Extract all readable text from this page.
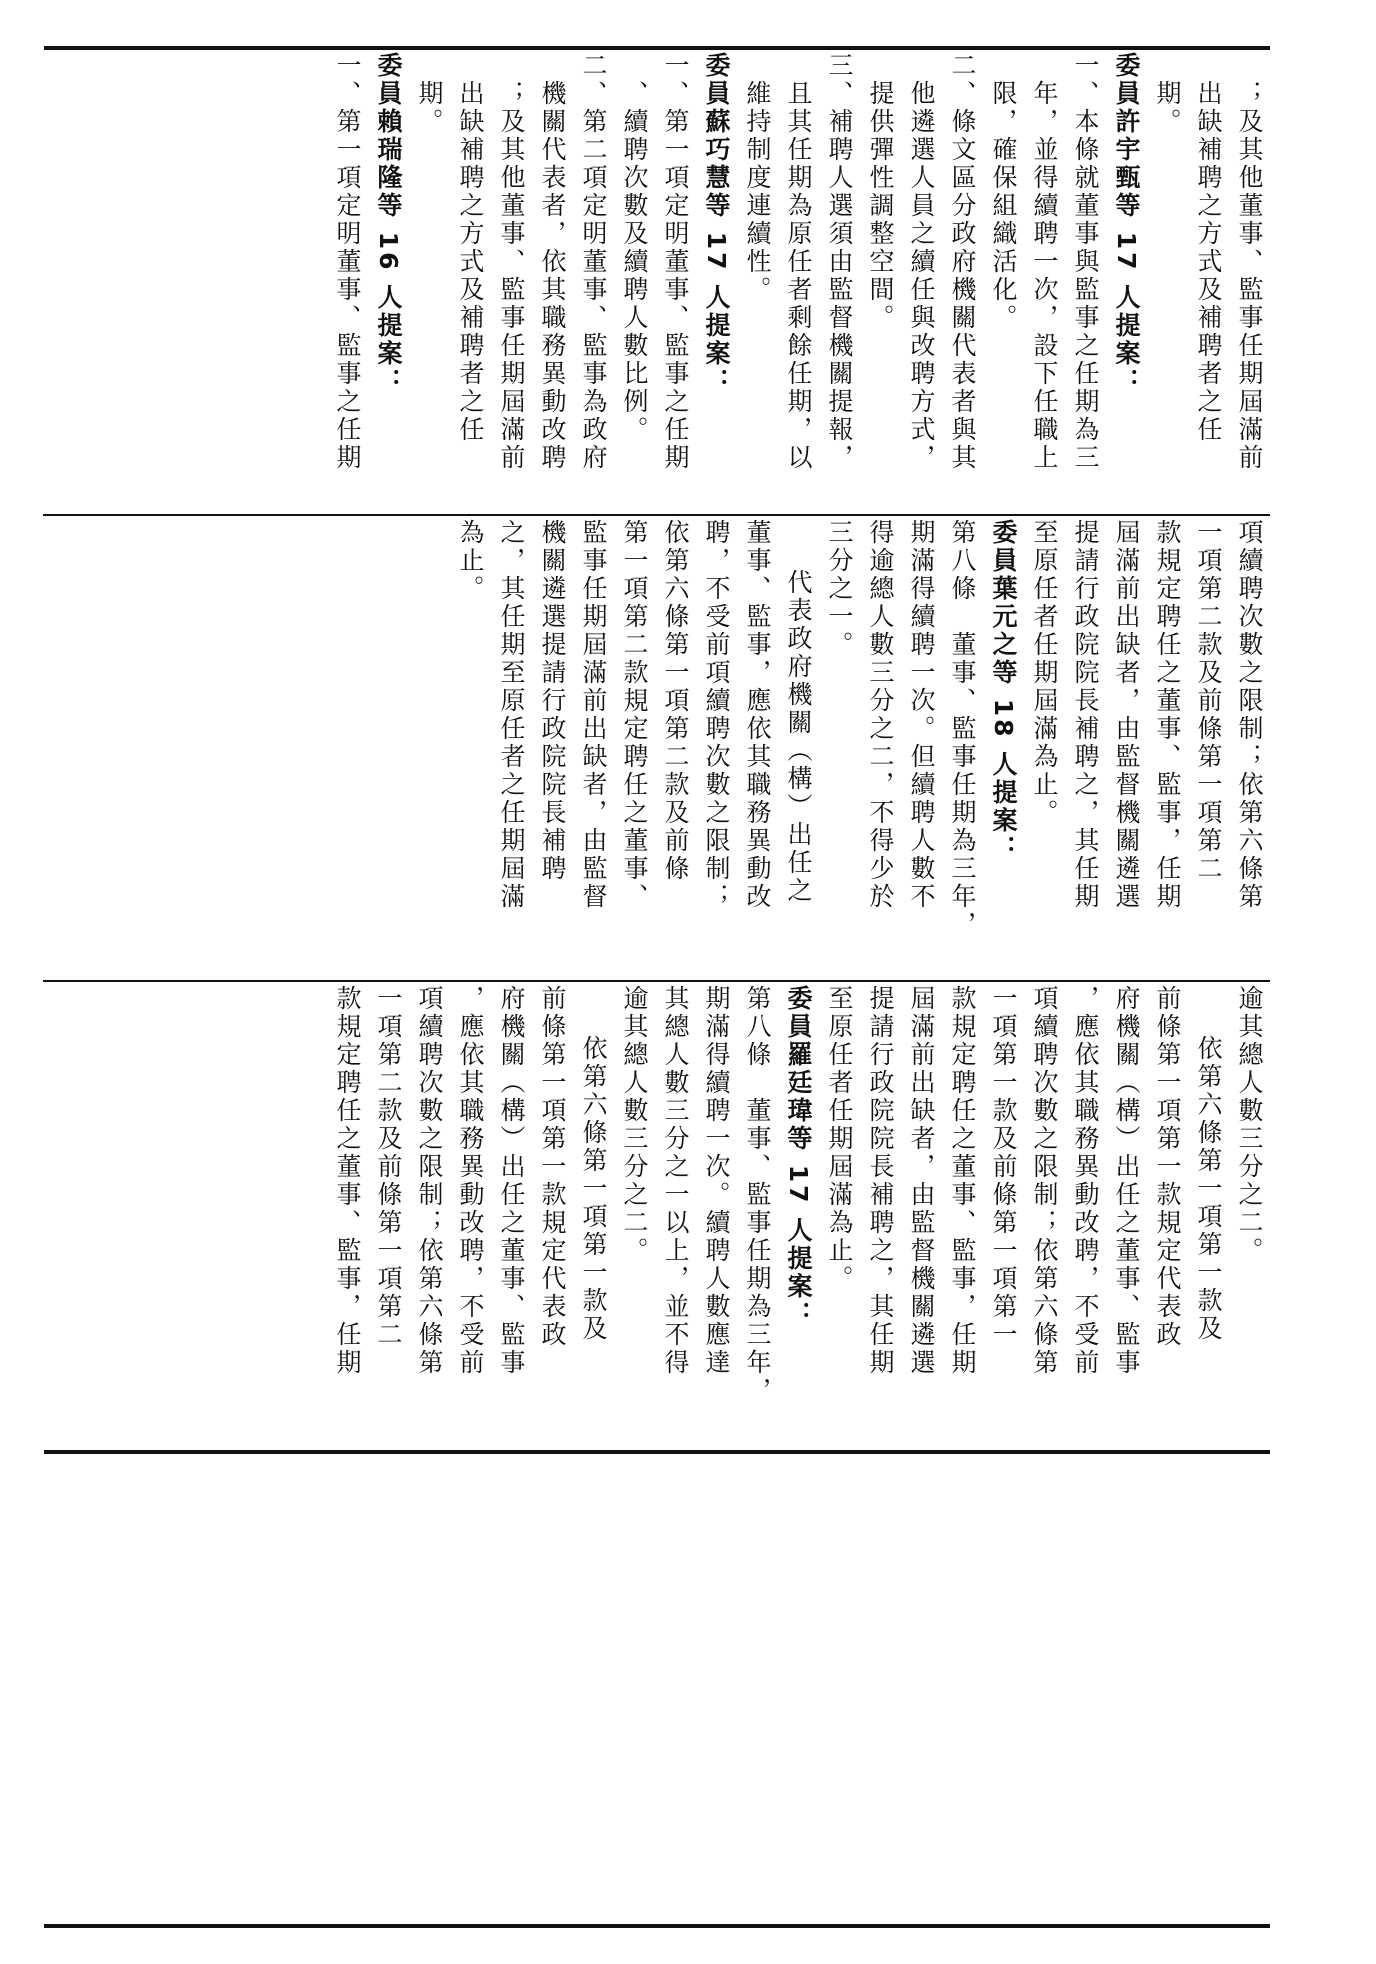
；及其他董事、監事任期屆滿前
出缺補聘之方式及補聘者之任
期。
委員許宇甄等 17 人提案：
一、本條就董事與監事之任期為三
年，並得續聘一次，設下任職上
限，確保組織活化。
二、條文區分政府機關代表者與其
他遴選人員之續任與改聘方式，
提供彈性調整空間。
三、補聘人選須由監督機關提報，
且其任期為原任者剩餘任期，以
維持制度連續性。
委員蘇巧慧等 17 人提案：
一、第一項定明董事、監事之任期
、續聘次數及續聘人數比例。
二、第二項定明董事、監事為政府
機關代表者，依其職務異動改聘
；及其他董事、監事任期屆滿前
出缺補聘之方式及補聘者之任
期。
委員賴瑞隆等 16 人提案：
一、第一項定明董事、監事之任期
項續聘次數之限制；依第六條第
一項第二款及前條第一項第二
款規定聘任之董事、監事，任期
屆滿前出缺者，由監督機關遴選
提請行政院院長補聘之，其任期
至原任者任期屆滿為止。
委員葉元之等 18 人提案：
第八條　董事、監事任期為三年，
期滿得續聘一次。但續聘人數不
得逾總人數三分之二，不得少於
三分之一。
代表政府機關（構）出任之
董事、監事，應依其職務異動改
聘，不受前項續聘次數之限制；
依第六條第一項第二款及前條
第一項第二款規定聘任之董事、
監事任期屆滿前出缺者，由監督
機關遴選提請行政院院長補聘
之，其任期至原任者之任期屆滿
為止。
逾其總人數三分之二。
依第六條第一項第一款及
前條第一項第一款規定代表政
府機關（構）出任之董事、監事
，應依其職務異動改聘，不受前
項續聘次數之限制；依第六條第
一項第一款及前條第一項第一
款規定聘任之董事、監事，任期
屆滿前出缺者，由監督機關遴選
提請行政院院長補聘之，其任期
至原任者任期屆滿為止。
委員羅廷瑋等 17 人提案：
第八條　董事、監事任期為三年，
期滿得續聘一次。續聘人數應達
其總人數三分之一以上，並不得
逾其總人數三分之二。
依第六條第一項第一款及
前條第一項第一款規定代表政
府機關（構）出任之董事、監事
，應依其職務異動改聘，不受前
項續聘次數之限制；依第六條第
一項第二款及前條第一項第二
款規定聘任之董事、監事，任期
